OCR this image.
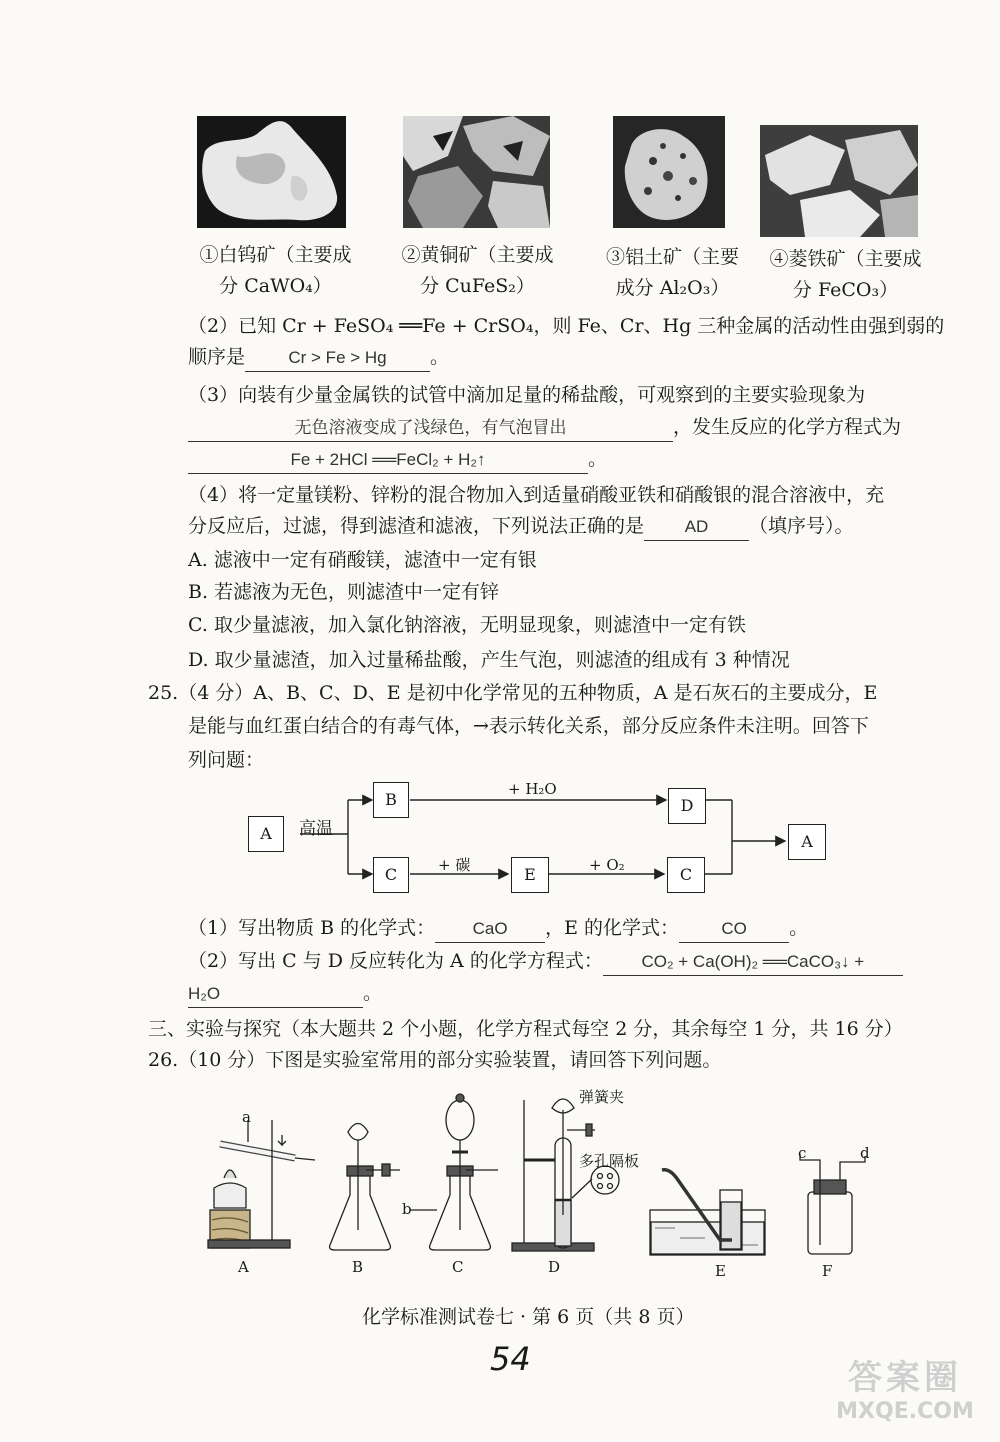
①白钨矿（主要成
分 CaWO₄）
②黄铜矿（主要成
分 CuFeS₂）
③铝土矿（主要
成分 Al₂O₃）
④菱铁矿（主要成
分 FeCO₃）
（2）已知 Cr + FeSO₄ ══Fe + CrSO₄，则 Fe、Cr、Hg 三种金属的活动性由强到弱的
顺序是	Cr > Fe > Hg 。
（3）向装有少量金属铁的试管中滴加足量的稀盐酸，可观察到的主要实验现象为
无色溶液变成了浅绿色，有气泡冒出	，发生反应的化学方程式为
Fe + 2HCl ══FeCl₂ + H₂↑	。
（4）将一定量镁粉、锌粉的混合物加入到适量硝酸亚铁和硝酸银的混合溶液中，充
分反应后，过滤，得到滤渣和滤液，下列说法正确的是 AD （填序号）。
A. 滤液中一定有硝酸镁，滤渣中一定有银
B. 若滤液为无色，则滤渣中一定有锌
C. 取少量滤液，加入氯化钠溶液，无明显现象，则滤渣中一定有铁
D. 取少量滤渣，加入过量稀盐酸，产生气泡，则滤渣的组成有 3 种情况
25.（4 分）A、B、C、D、E 是初中化学常见的五种物质，A 是石灰石的主要成分，E
是能与血红蛋白结合的有毒气体，→表示转化关系，部分反应条件未注明。回答下
列问题：
A
B
C
D
E	C
A
高温
+ H₂O
+ 碳	+ O₂
（1）写出物质 B 的化学式： CaO ，E 的化学式： CO 。
（2）写出 C 与 D 反应转化为 A 的化学方程式： CO₂ + Ca(OH)₂ ══CaCO₃↓ +
H₂O	。
三、实验与探究（本大题共 2 个小题，化学方程式每空 2 分，其余每空 1 分，共 16 分）
26.（10 分）下图是实验室常用的部分实验装置，请回答下列问题。
a
b
c	d
弹簧夹
多孔隔板
A	B	C	D	E	F
化学标准测试卷七 · 第 6 页（共 8 页）
54	答案圈
MXQE.COM
